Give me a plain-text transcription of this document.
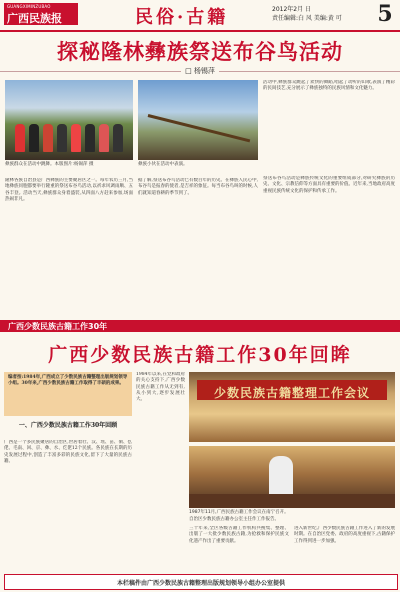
GUANGXIMINZUBAO
广西民族报	民俗·古籍	2012年2月 日
责任编辑:白 风 美编:黄 可 5
探秘隆林彝族祭送布谷鸟活动
□ 杨锡萍
彝族群众在活动中跳舞。本版图片:杨锡萍 摄	彝族小伙在活动中表演。
隆林各族自治县是广西彝族的主要聚居区之一。每年农历三月,当地彝族同胞都要举行隆重的祭送布谷鸟活动,以祈求风调雨顺、五谷丰登。活动当天,彝族群众身着盛装,从四面八方赶来参加,场面热闹非凡。
据了解,祭送布谷鸟活动已有数百年的历史。在彝族人民心中,布谷鸟是报春的使者,是吉祥的象征。每当布谷鸟叫的时候,人们就知道春耕的季节到了。
活动中,彝族群众跳起了欢快的舞蹈,唱起了动听的山歌,表演了精彩的民间技艺,充分展示了彝族独特的民族风情和文化魅力。
祭送布谷鸟活动是彝族传统文化的重要组成部分,对研究彝族的历史、文化、宗教信仰等方面具有重要的价值。近年来,当地政府高度重视民族传统文化的保护和传承工作。
广西少数民族古籍工作30年
广西少数民族古籍工作30年回眸
编者按:1984年,广西成立了少数民族古籍整理出版规划领导小组。30年来,广西少数民族古籍工作取得了丰硕的成果。
一、广西少数民族古籍工作30年回顾
广西是一个多民族聚居的自治区,世居着壮、汉、瑶、苗、侗、仫佬、毛南、回、京、彝、水、仡佬12个民族。各民族在长期的历史发展过程中,创造了丰富多彩的民族文化,留下了大量的民族古籍。
1984年以来,在党和政府的关心支持下,广西少数民族古籍工作从无到有,从小到大,逐步发展壮大。	少数民族古籍整理工作会议
1987年11月,广西民族古籍工作会议在南宁召开。
自治区少数民族古籍办公室主任作工作报告。
三十年来,全区各级古籍工作机构共搜集、整理、出版了一大批少数民族古籍,为抢救和保护民族文化遗产作出了重要贡献。
进入新世纪,广西少数民族古籍工作进入了新的发展时期。在自治区党委、政府的高度重视下,古籍保护工作得到进一步加强。
本栏稿件由广西少数民族古籍整理出版规划领导小组办公室提供
